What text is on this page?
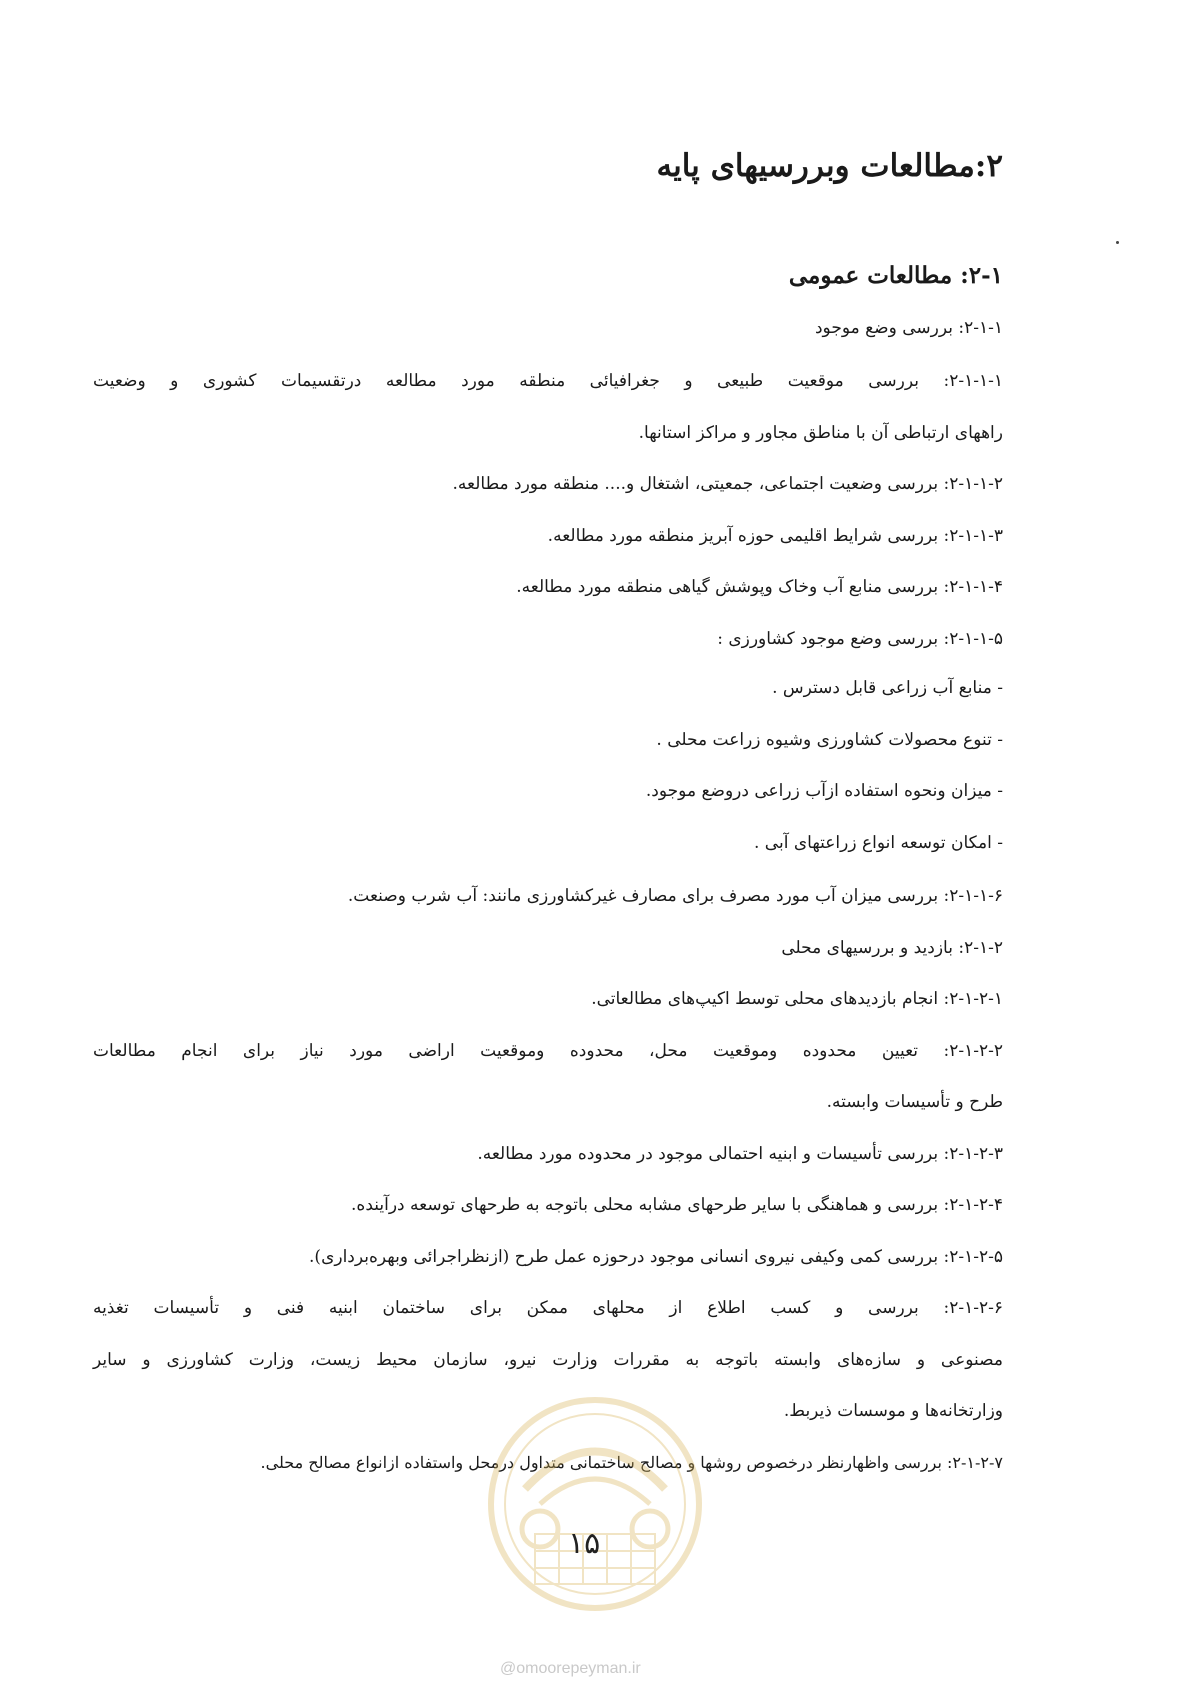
۲:مطالعات وبررسیهای پایه
۲-۱: مطالعات عمومی
۲-۱-۱: بررسی وضع موجود
۲-۱-۱-۱: بررسی موقعیت طبیعی و جغرافیائی منطقه مورد مطالعه درتقسیمات کشوری و وضعیت
راههای ارتباطی آن با مناطق مجاور و مراکز استانها.
۲-۱-۱-۲: بررسی وضعیت اجتماعی، جمعیتی، اشتغال و.... منطقه مورد مطالعه.
۲-۱-۱-۳: بررسی شرایط اقلیمی حوزه آبریز منطقه مورد مطالعه.
۲-۱-۱-۴: بررسی منابع آب وخاک وپوشش گیاهی منطقه مورد مطالعه.
۲-۱-۱-۵: بررسی وضع موجود کشاورزی :
- منابع آب زراعی قابل دسترس .
- تنوع محصولات کشاورزی وشیوه زراعت محلی .
- میزان ونحوه استفاده ازآب زراعی دروضع موجود.
- امکان توسعه انواع زراعتهای آبی .
۲-۱-۱-۶: بررسی میزان آب مورد مصرف برای مصارف غیرکشاورزی مانند: آب شرب وصنعت.
۲-۱-۲: بازدید و بررسیهای محلی
۲-۱-۲-۱: انجام بازدیدهای محلی توسط اکیپ‌های مطالعاتی.
۲-۱-۲-۲: تعیین محدوده وموقعیت محل، محدوده وموقعیت اراضی مورد نیاز برای انجام مطالعات
طرح و تأسیسات وابسته.
۲-۱-۲-۳: بررسی تأسیسات و ابنیه احتمالی موجود در محدوده مورد مطالعه.
۲-۱-۲-۴: بررسی و هماهنگی با سایر طرحهای مشابه محلی باتوجه به طرحهای توسعه درآینده.
۲-۱-۲-۵: بررسی کمی وکیفی نیروی انسانی موجود درحوزه عمل طرح (ازنظراجرائی وبهره‌برداری).
۲-۱-۲-۶: بررسی و کسب اطلاع از محلهای ممکن برای ساختمان ابنیه فنی و تأسیسات تغذیه
مصنوعی و سازه‌های وابسته باتوجه به مقررات وزارت نیرو، سازمان محیط زیست، وزارت کشاورزی و سایر
وزارتخانه‌ها و موسسات ذیربط.
۲-۱-۲-۷: بررسی واظهارنظر درخصوص روشها و مصالح ساختمانی متداول درمحل واستفاده ازانواع مصالح محلی.
۱۵
@omoorepeyman.ir
